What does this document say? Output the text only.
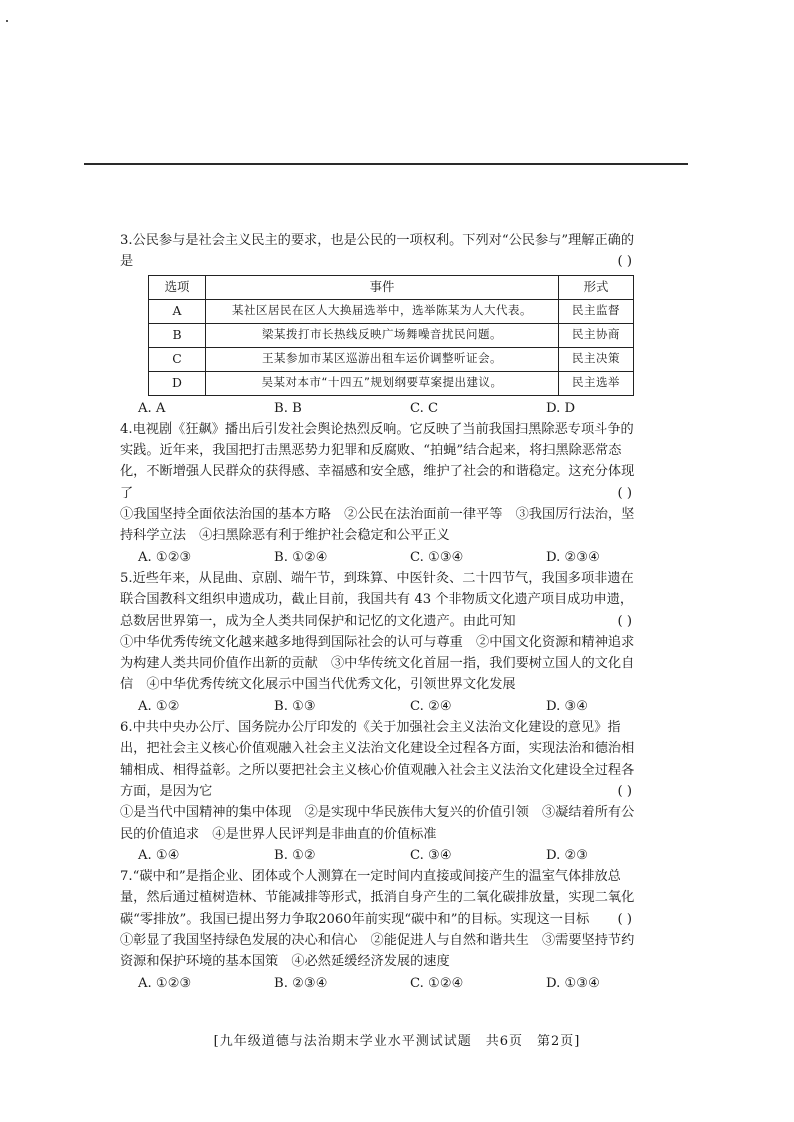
3.公民参与是社会主义民主的要求，也是公民的一项权利。下列对“公民参与”理解正确的是	( )

选项	事件	形式
A	某社区居民在区人大换届选举中，选举陈某为人大代表。	民主监督
B	梁某拨打市长热线反映广场舞噪音扰民问题。	民主协商
C	王某参加市某区巡游出租车运价调整听证会。	民主决策
D	吴某对本市“十四五”规划纲要草案提出建议。	民主选举
A. A	B. B	C. C	D. D

4.电视剧《狂飙》播出后引发社会舆论热烈反响。它反映了当前我国扫黑除恶专项斗争的实践。近年来，我国把打击黑恶势力犯罪和反腐败、“拍蝇”结合起来，将扫黑除恶常态化，不断增强人民群众的获得感、幸福感和安全感，维护了社会的和谐稳定。这充分体现了	( )

①我国坚持全面依法治国的基本方略　②公民在法治面前一律平等　③我国厉行法治，坚持科学立法　④扫黑除恶有利于维护社会稳定和公平正义

A. ①②③	B. ①②④	C. ①③④	D. ②③④

5.近些年来，从昆曲、京剧、端午节，到珠算、中医针灸、二十四节气，我国多项非遗在联合国教科文组织申遗成功，截止目前，我国共有 43 个非物质文化遗产项目成功申遗，总数居世界第一，成为全人类共同保护和记忆的文化遗产。由此可知	( )

①中华优秀传统文化越来越多地得到国际社会的认可与尊重　②中国文化资源和精神追求为构建人类共同价值作出新的贡献　③中华传统文化首屈一指，我们要树立国人的文化自信　④中华优秀传统文化展示中国当代优秀文化，引领世界文化发展

A. ①②	B. ①③	C. ②④	D. ③④

6.中共中央办公厅、国务院办公厅印发的《关于加强社会主义法治文化建设的意见》指出，把社会主义核心价值观融入社会主义法治文化建设全过程各方面，实现法治和德治相辅相成、相得益彰。之所以要把社会主义核心价值观融入社会主义法治文化建设全过程各方面，是因为它	( )

①是当代中国精神的集中体现　②是实现中华民族伟大复兴的价值引领　③凝结着所有公民的价值追求　④是世界人民评判是非曲直的价值标准

A. ①④	B. ①②	C. ③④	D. ②③

7.“碳中和”是指企业、团体或个人测算在一定时间内直接或间接产生的温室气体排放总量，然后通过植树造林、节能减排等形式，抵消自身产生的二氧化碳排放量，实现二氧化碳“零排放”。我国已提出努力争取2060年前实现“碳中和”的目标。实现这一目标 ( )

①彰显了我国坚持绿色发展的决心和信心　②能促进人与自然和谐共生　③需要坚持节约资源和保护环境的基本国策　④必然延缓经济发展的速度

A. ①②③	B. ②③④	C. ①②④	D. ①③④
[九年级道德与法治期末学业水平测试试题　共6页　第2页]
